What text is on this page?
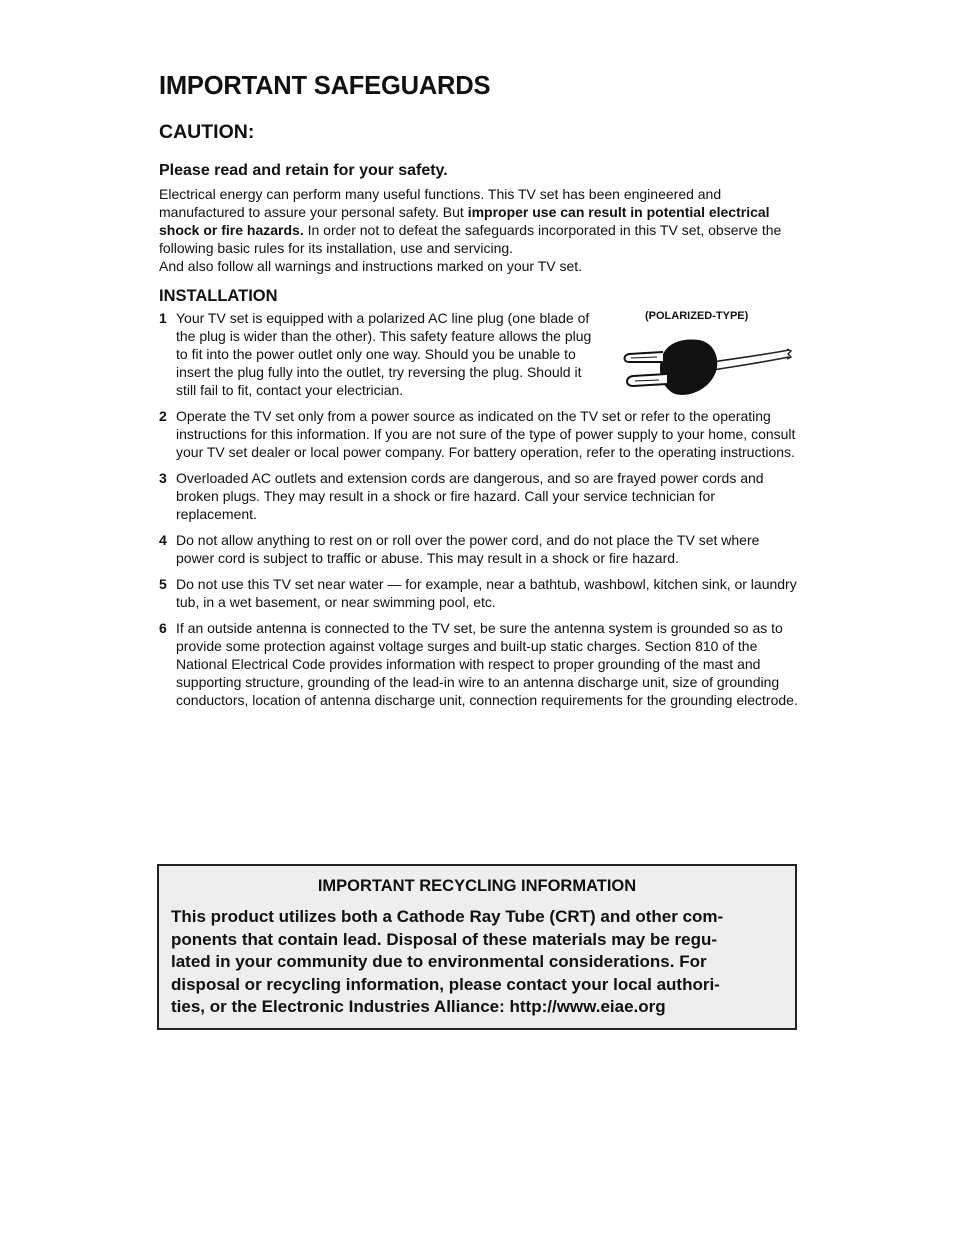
IMPORTANT SAFEGUARDS
CAUTION:
Please read and retain for your safety.

Electrical energy can perform many useful functions. This TV set has been engineered and manufactured to assure your personal safety. But improper use can result in potential electrical shock or fire hazards. In order not to defeat the safeguards incorporated in this TV set, observe the following basic rules for its installation, use and servicing.

And also follow all warnings and instructions marked on your TV set.

INSTALLATION
(POLARIZED-TYPE)
1 Your TV set is equipped with a polarized AC line plug (one blade of the plug is wider than the other). This safety feature allows the plug to fit into the power outlet only one way. Should you be unable to insert the plug fully into the outlet, try reversing the plug. Should it still fail to fit, contact your electrician.
2 Operate the TV set only from a power source as indicated on the TV set or refer to the operating instructions for this information. If you are not sure of the type of power supply to your home, consult your TV set dealer or local power company. For battery operation, refer to the operating instructions.
3 Overloaded AC outlets and extension cords are dangerous, and so are frayed power cords and broken plugs. They may result in a shock or fire hazard. Call your service technician for replacement.
4 Do not allow anything to rest on or roll over the power cord, and do not place the TV set where power cord is subject to traffic or abuse. This may result in a shock or fire hazard.
5 Do not use this TV set near water — for example, near a bathtub, washbowl, kitchen sink, or laundry tub, in a wet basement, or near swimming pool, etc.
6 If an outside antenna is connected to the TV set, be sure the antenna system is grounded so as to provide some protection against voltage surges and built-up static charges. Section 810 of the National Electrical Code provides information with respect to proper grounding of the mast and supporting structure, grounding of the lead-in wire to an antenna discharge unit, size of grounding conductors, location of antenna discharge unit, connection requirements for the grounding electrode.
IMPORTANT RECYCLING INFORMATION
This product utilizes both a Cathode Ray Tube (CRT) and other com-
ponents that contain lead. Disposal of these materials may be regu-
lated in your community due to environmental considerations. For
disposal or recycling information, please contact your local authori-
ties, or the Electronic Industries Alliance: http://www.eiae.org
